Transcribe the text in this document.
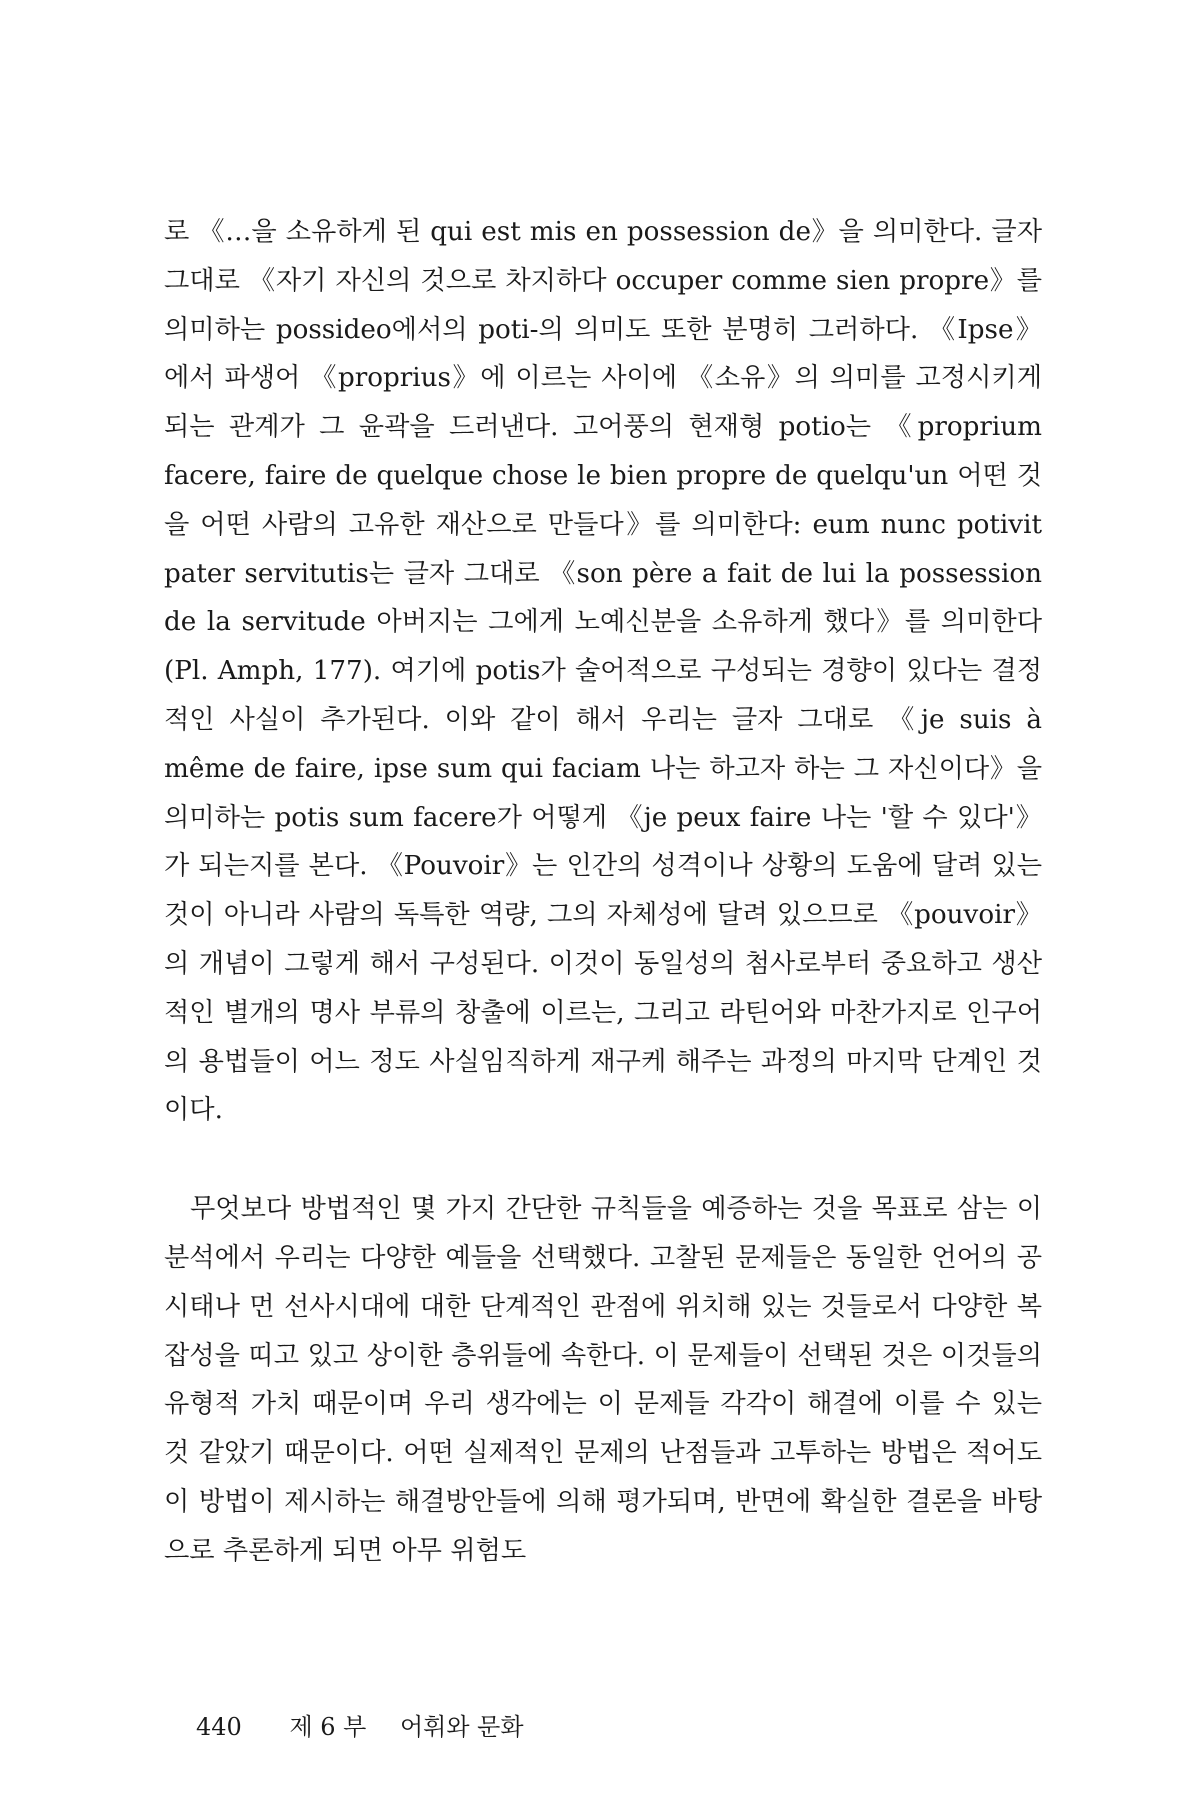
로 《…을 소유하게 된 qui est mis en possession de》을 의미한다. 글자 그대로 《자기 자신의 것으로 차지하다 occuper comme sien propre》를 의미하는 possideo에서의 poti-의 의미도 또한 분명히 그러하다. 《Ipse》에서 파생어 《proprius》에 이르는 사이에 《소유》의 의미를 고정시키게 되는 관계가 그 윤곽을 드러낸다. 고어풍의 현재형 potio는 《proprium facere, faire de quelque chose le bien propre de quelqu'un 어떤 것을 어떤 사람의 고유한 재산으로 만들다》를 의미한다: eum nunc potivit pater servitutis는 글자 그대로 《son père a fait de lui la possession de la servitude 아버지는 그에게 노예신분을 소유하게 했다》를 의미한다 (Pl. Amph, 177). 여기에 potis가 술어적으로 구성되는 경향이 있다는 결정적인 사실이 추가된다. 이와 같이 해서 우리는 글자 그대로 《je suis à même de faire, ipse sum qui faciam 나는 하고자 하는 그 자신이다》을 의미하는 potis sum facere가 어떻게 《je peux faire 나는 '할 수 있다'》가 되는지를 본다. 《Pouvoir》는 인간의 성격이나 상황의 도움에 달려 있는 것이 아니라 사람의 독특한 역량, 그의 자체성에 달려 있으므로 《pouvoir》의 개념이 그렇게 해서 구성된다. 이것이 동일성의 첨사로부터 중요하고 생산적인 별개의 명사 부류의 창출에 이르는, 그리고 라틴어와 마찬가지로 인구어의 용법들이 어느 정도 사실임직하게 재구케 해주는 과정의 마지막 단계인 것이다.

무엇보다 방법적인 몇 가지 간단한 규칙들을 예증하는 것을 목표로 삼는 이 분석에서 우리는 다양한 예들을 선택했다. 고찰된 문제들은 동일한 언어의 공시태나 먼 선사시대에 대한 단계적인 관점에 위치해 있는 것들로서 다양한 복잡성을 띠고 있고 상이한 층위들에 속한다. 이 문제들이 선택된 것은 이것들의 유형적 가치 때문이며 우리 생각에는 이 문제들 각각이 해결에 이를 수 있는 것 같았기 때문이다. 어떤 실제적인 문제의 난점들과 고투하는 방법은 적어도 이 방법이 제시하는 해결방안들에 의해 평가되며, 반면에 확실한 결론을 바탕으로 추론하게 되면 아무 위험도

440 제 6 부 어휘와 문화
